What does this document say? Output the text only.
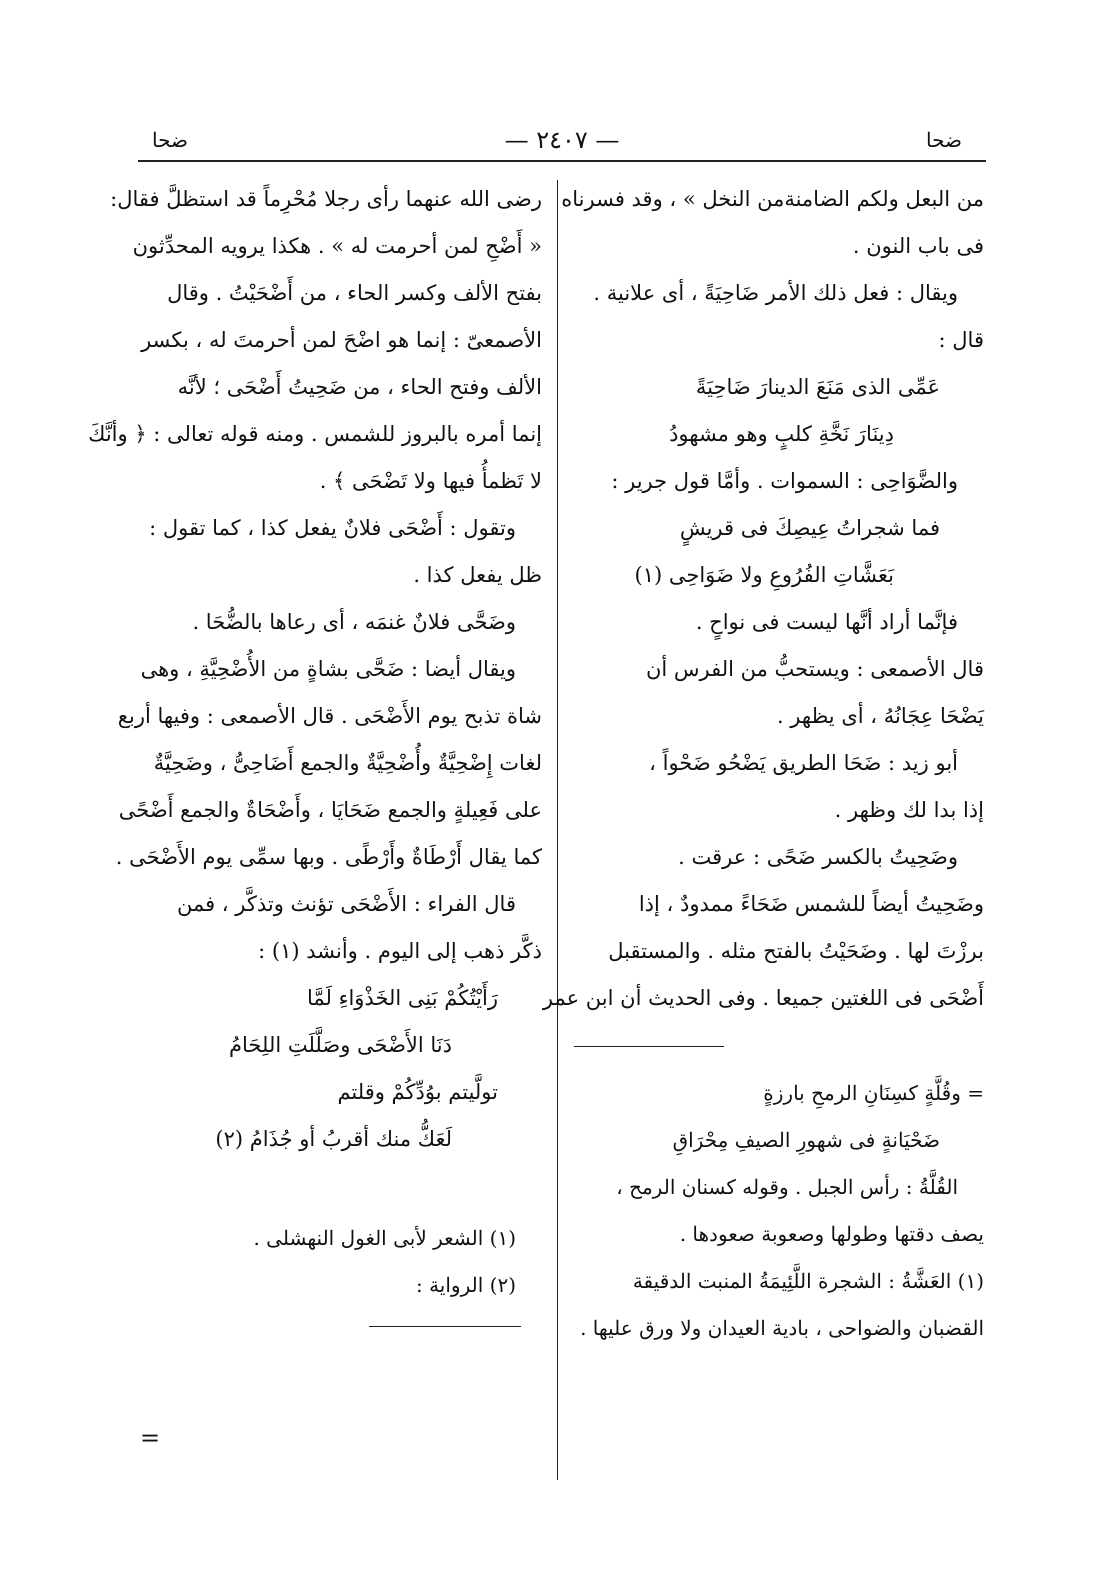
ضحا
— ٢٤٠٧ —
ضحا
من البعل ولكم الضامنةمن النخل » ، وقد فسرناه
فى باب النون .
ويقال : فعل ذلك الأمر ضَاحِيَةً ، أى علانية .
قال :
عَمِّى الذى مَنَعَ الدينارَ ضَاحِيَةً
دِينَارَ نَخَّةِ كلبٍ وهو مشهودُ
والضَّوَاحِى : السموات . وأمَّا قول جرير :
فما شجراتُ عِيصِكَ فى قريشٍ
بَعَشَّاتِ الفُرُوعِ ولا ضَوَاحِى (١)
فإنَّما أراد أنَّها ليست فى نواحٍ .
قال الأصمعى : ويستحبُّ من الفرس أن
يَضْحَا عِجَانُهُ ، أى يظهر .
أبو زيد : ضَحَا الطريق يَضْحُو ضَحْواً ،
إذا بدا لك وظهر .
وضَحِيتُ بالكسر ضَحًى : عرقت .
وضَحِيتُ أيضاً للشمس ضَحَاءً ممدودٌ ، إذا
برزْتَ لها . وضَحَيْتُ بالفتح مثله . والمستقبل
أَضْحَى فى اللغتين جميعا . وفى الحديث أن ابن عمر
= وقُلَّةٍ كسِنَانِ الرمحِ بارزةٍ
ضَحْيَانةٍ فى شهورِ الصيفِ مِحْرَاقِ
القُلَّةُ : رأس الجبل . وقوله كسنان الرمح ،
يصف دقتها وطولها وصعوبة صعودها .
(١) العَشَّةُ : الشجرة اللَّئِيمَةُ المنبت الدقيقة
القضبان والضواحى ، بادية العيدان ولا ورق عليها .
رضى الله عنهما رأى رجلا مُحْرِماً قد استظلَّ فقال:
« أَضْحِ لمن أحرمت له » . هكذا يرويه المحدِّثون
بفتح الألف وكسر الحاء ، من أَضْحَيْتُ . وقال
الأصمعىّ : إنما هو اضْحَ لمن أحرمتَ له ، بكسر
الألف وفتح الحاء ، من ضَحِيتُ أَضْحَى ؛ لأنَّه
إنما أمره بالبروز للشمس . ومنه قوله تعالى : ﴿ وأنَّكَ
لا تَظمأُ فيها ولا تَضْحَى ﴾ .
وتقول : أَضْحَى فلانٌ يفعل كذا ، كما تقول :
ظل يفعل كذا .
وضَحَّى فلانٌ غنمَه ، أى رعاها بالضُّحَا .
ويقال أيضا : ضَحَّى بشاةٍ من الأُضْحِيَّةِ ، وهى
شاة تذبح يوم الأَضْحَى . قال الأصمعى : وفيها أربع
لغات إِضْحِيَّةٌ وأُضْحِيَّةٌ والجمع أَضَاحِىُّ ، وضَحِيَّةٌ
على فَعِيلةٍ والجمع ضَحَايَا ، وأَضْحَاةٌ والجمع أَضْحًى
كما يقال أَرْطَاةٌ وأَرْطًى . وبها سمِّى يوم الأَضْحَى .
قال الفراء : الأَضْحَى تؤنث وتذكَّر ، فمن
ذكَّر ذهب إلى اليوم . وأنشد (١) :
رَأَيْتُكُمْ بَنِى الخَذْوَاءِ لَمَّا
دَنَا الأَضْحَى وصَلَّلَتِ اللِحَامُ
تولَّيتم بوُدِّكُمْ وقلتم
لَعَكُّ منك أقربُ أو جُذَامُ (٢)
(١) الشعر لأبى الغول النهشلى .
(٢) الرواية :
=
